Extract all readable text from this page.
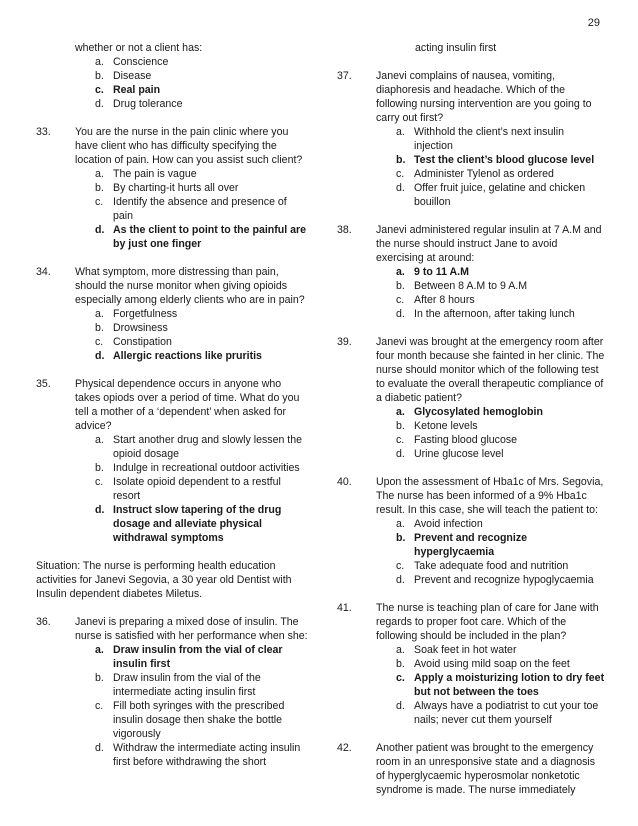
29
whether or not a client has:
a. Conscience
b. Disease
c. Real pain
d. Drug tolerance
33. You are the nurse in the pain clinic where you have client who has difficulty specifying the location of pain. How can you assist such client?
a. The pain is vague
b. By charting-it hurts all over
c. Identify the absence and presence of pain
d. As the client to point to the painful are by just one finger
34. What symptom, more distressing than pain, should the nurse monitor when giving opioids especially among elderly clients who are in pain?
a. Forgetfulness
b. Drowsiness
c. Constipation
d. Allergic reactions like pruritis
35. Physical dependence occurs in anyone who takes opiods over a period of time. What do you tell a mother of a ‘dependent’ when asked for advice?
a. Start another drug and slowly lessen the opioid dosage
b. Indulge in recreational outdoor activities
c. Isolate opioid dependent to a restful resort
d. Instruct slow tapering of the drug dosage and alleviate physical withdrawal symptoms
Situation: The nurse is performing health education activities for Janevi Segovia, a 30 year old Dentist with Insulin dependent diabetes Miletus.
36. Janevi is preparing a mixed dose of insulin. The nurse is satisfied with her performance when she:
a. Draw insulin from the vial of clear insulin first
b. Draw insulin from the vial of the intermediate acting insulin first
c. Fill both syringes with the prescribed insulin dosage then shake the bottle vigorously
d. Withdraw the intermediate acting insulin first before withdrawing the short
acting insulin first
37. Janevi complains of nausea, vomiting, diaphoresis and headache. Which of the following nursing intervention are you going to carry out first?
a. Withhold the client’s next insulin injection
b. Test the client’s blood glucose level
c. Administer Tylenol as ordered
d. Offer fruit juice, gelatine and chicken bouillon
38. Janevi administered regular insulin at 7 A.M and the nurse should instruct Jane to avoid exercising at around:
a. 9 to 11 A.M
b. Between 8 A.M to 9 A.M
c. After 8 hours
d. In the afternoon, after taking lunch
39. Janevi was brought at the emergency room after four month because she fainted in her clinic. The nurse should monitor which of the following test to evaluate the overall therapeutic compliance of a diabetic patient?
a. Glycosylated hemoglobin
b. Ketone levels
c. Fasting blood glucose
d. Urine glucose level
40. Upon the assessment of Hba1c of Mrs. Segovia, The nurse has been informed of a 9% Hba1c result. In this case, she will teach the patient to:
a. Avoid infection
b. Prevent and recognize hyperglycaemia
c. Take adequate food and nutrition
d. Prevent and recognize hypoglycaemia
41. The nurse is teaching plan of care for Jane with regards to proper foot care. Which of the following should be included in the plan?
a. Soak feet in hot water
b. Avoid using mild soap on the feet
c. Apply a moisturizing lotion to dry feet but not between the toes
d. Always have a podiatrist to cut your toe nails; never cut them yourself
42. Another patient was brought to the emergency room in an unresponsive state and a diagnosis of hyperglycaemic hyperosmolar nonketotic syndrome is made. The nurse immediately
